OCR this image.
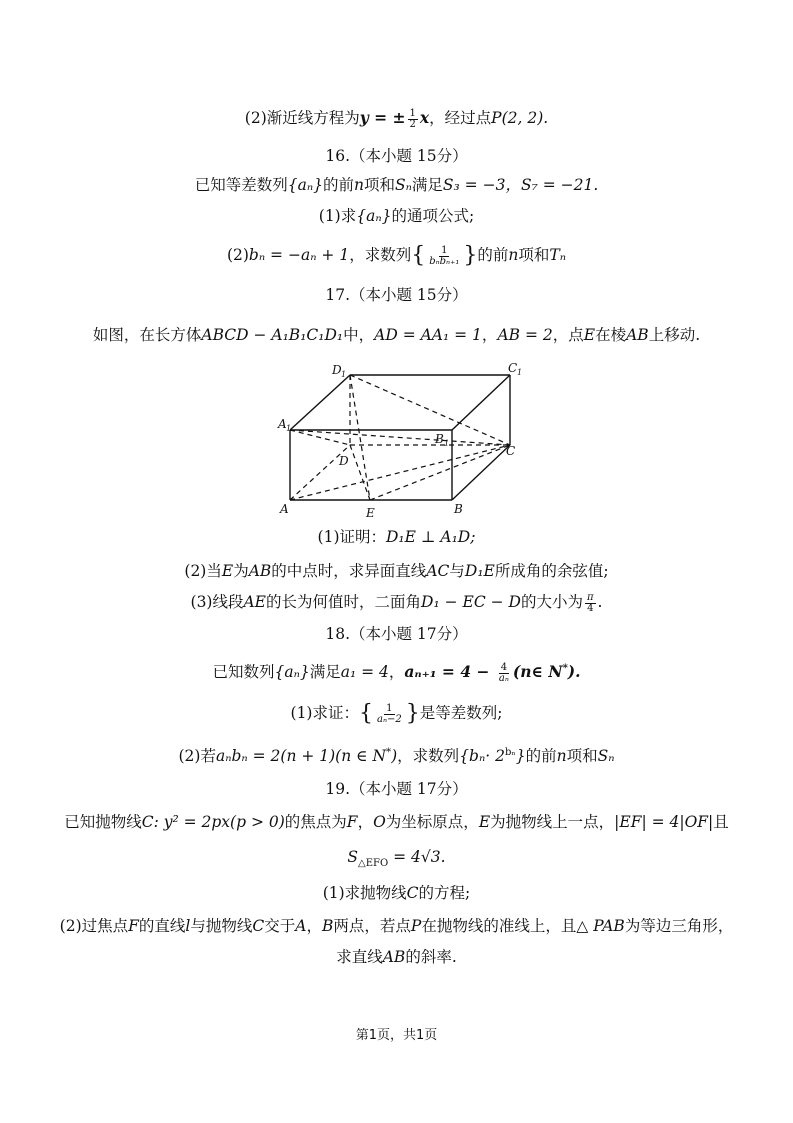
(2)渐近线方程为y = ± $\frac{1}{2}$ x，经过点P(2, 2).
16.（本小题 15分）
已知等差数列{aₙ}的前n项和Sₙ满足S₃ = −3，S₇ = −21.
(1)求{aₙ}的通项公式;
(2)bₙ = −aₙ + 1，求数列{ $\frac{1}{\text{bₙbₙ₊₁}}$ }的前n项和Tₙ
17.（本小题 15分）
如图，在长方体ABCD − A₁B₁C₁D₁中，AD = AA₁ = 1，AB = 2，点E在棱AB上移动.
D 1	C 1
A 1
B 1
D
C
A	B
E
(1)证明：D₁E ⊥ A₁D;
(2)当E为AB的中点时，求异面直线AC与D₁E所成角的余弦值;
(3)线段AE的长为何值时，二面角D₁ − EC − D的大小为 $\frac{\pi}{4}$ .
18.（本小题 17分）
已知数列{aₙ}满足a₁ = 4，$a_{n+1} = 4 - \frac{4}{\text{aₙ}}$ (n∈ N*).
(1)求证：{ $\frac{1}{\text{aₙ−2}}$ }是等差数列;
(2)若aₙbₙ = 2(n + 1)(n ∈ N*)，求数列$\{b_n\cdot 2^{b_n}\}$的前n项和Sₙ
19.（本小题 17分）
已知抛物线C: y² = 2px(p > 0)的焦点为F，O为坐标原点，E为抛物线上一点，|EF| = 4|OF|且
$S_{\triangle EFO} = 4√3$.
(1)求抛物线C的方程;
(2)过焦点F的直线l与抛物线C交于A，B两点，若点P在抛物线的准线上，且△ PAB为等边三角形，
求直线AB的斜率.
第1页，共1页
